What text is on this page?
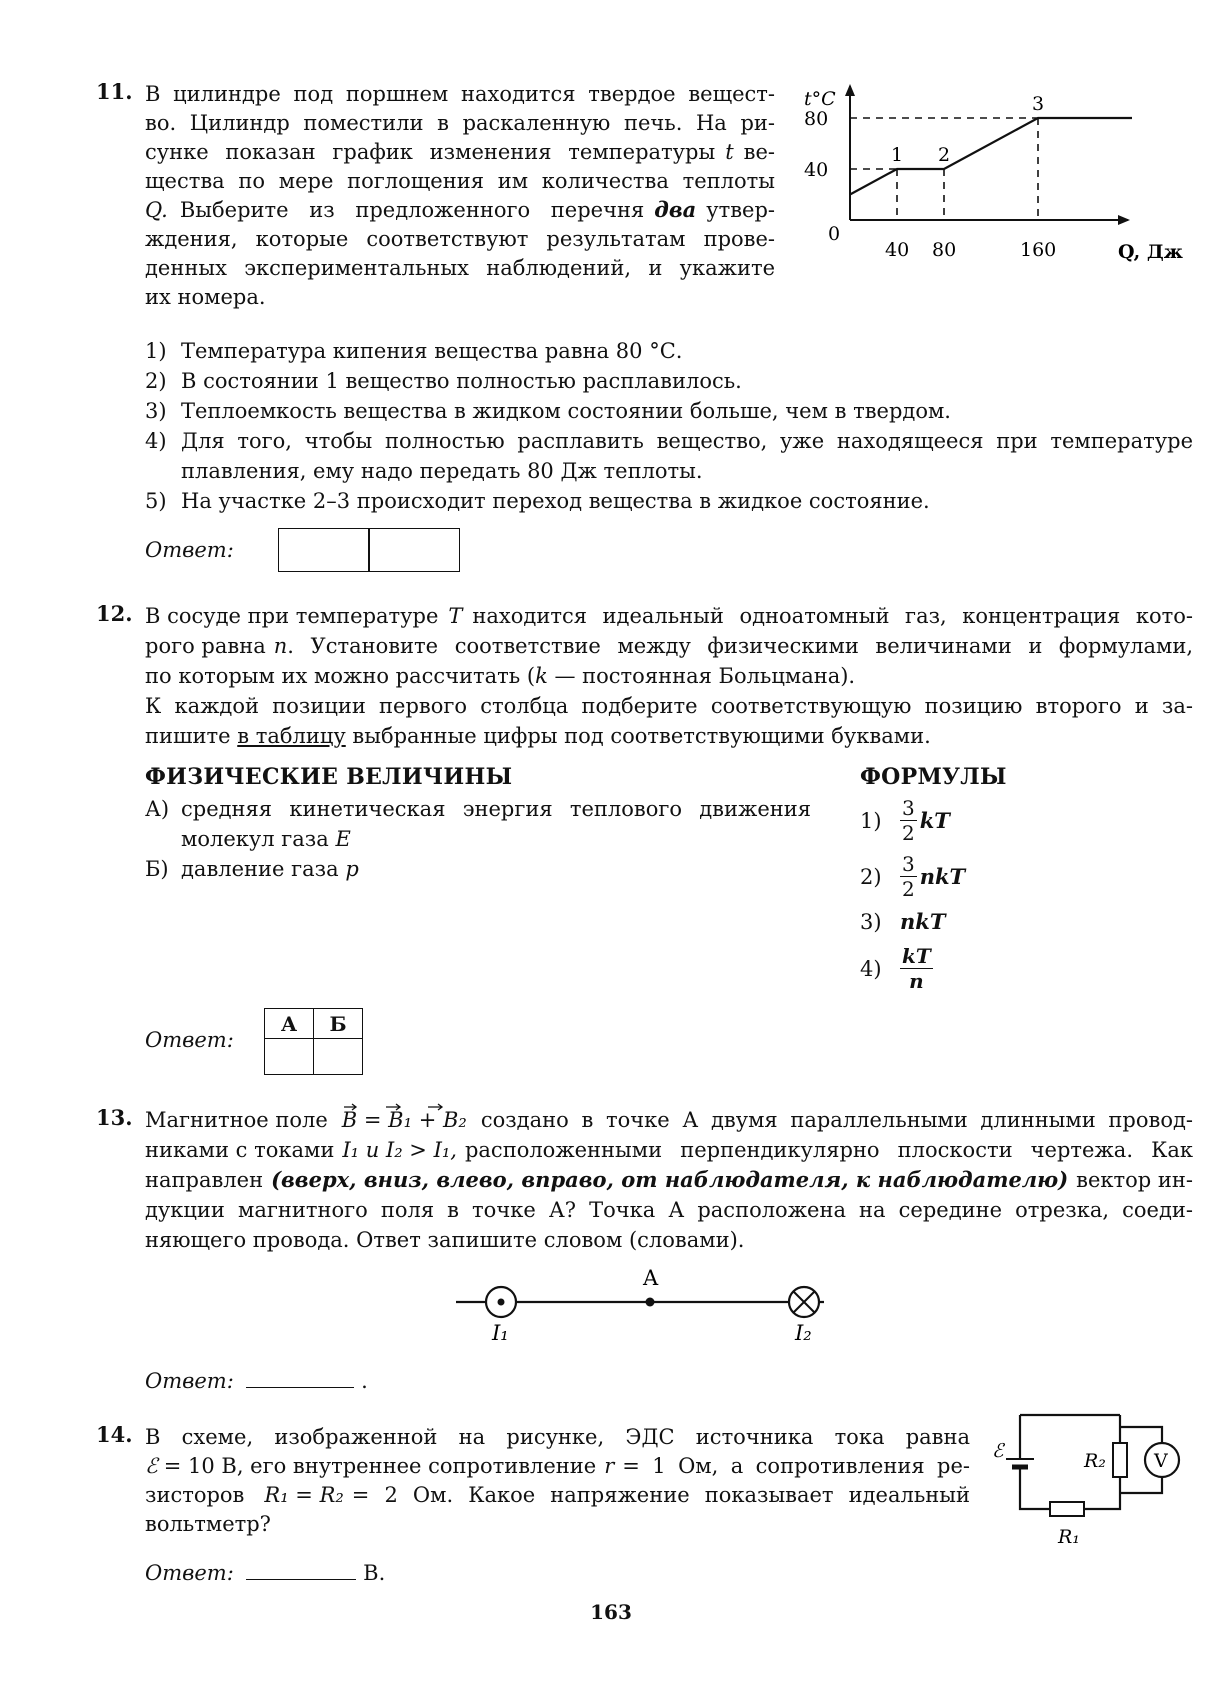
11. В цилиндре под поршнем находится твердое вещест-
во. Цилиндр поместили в раскаленную печь. На ри-
сунке показан график изменения температуры t ве-
щества по мере поглощения им количества теплоты
Q. Выберите из предложенного перечня два утвер-
ждения, которые соответствуют результатам прове-
денных экспериментальных наблюдений, и укажите
их номера.
t°C
Q, Дж
0
40
80
40 80	160
1 2
3
1) Температура кипения вещества равна 80 °С.
2) В состоянии 1 вещество полностью расплавилось.
3) Теплоемкость вещества в жидком состоянии больше, чем в твердом.
4) Для того, чтобы полностью расплавить вещество, уже находящееся при температуре
плавления, ему надо передать 80 Дж теплоты.
5) На участке 2–3 происходит переход вещества в жидкое состояние.
Ответ:
12. В сосуде при температуре T находится идеальный одноатомный газ, концентрация кото-
рого равна n . Установите соответствие между физическими величинами и формулами,
по которым их можно рассчитать (k — постоянная Больцмана).
К каждой позиции первого столбца подберите соответствующую позицию второго и за-
пишите в таблицу выбранные цифры под соответствующими буквами.
ФИЗИЧЕСКИЕ ВЕЛИЧИНЫ	ФОРМУЛЫ
А) средняя кинетическая энергия теплового движения
молекул газа E
Б) давление газа p
$1) \frac{3}{2}$ kT
$2) \frac{3}{2}$ nkT
3) nkT
$4) \frac{kT}{n}$
Ответ:
А	Б

13. Магнитное поле B = B₁ + B₂ создано в точке А двумя параллельными длинными провод-
никами с токами I₁ и I₂ > I₁, расположенными перпендикулярно плоскости чертежа. Как
направлен (вверх, вниз, влево, вправо, от наблюдателя, к наблюдателю) вектор ин-
дукции магнитного поля в точке А? Точка А расположена на середине отрезка, соеди-
няющего провода. Ответ запишите словом (словами).
A
I₁	I₂
Ответ:	.
14. В схеме, изображенной на рисунке, ЭДС источника тока равна
ℰ = 10 В, его внутреннее сопротивление r = 1 Ом, а сопротивления ре-
зисторов R₁ = R₂ = 2 Ом. Какое напряжение показывает идеальный
вольтметр?
V
ℰ	R₂
R₁
Ответ:	В.
163
